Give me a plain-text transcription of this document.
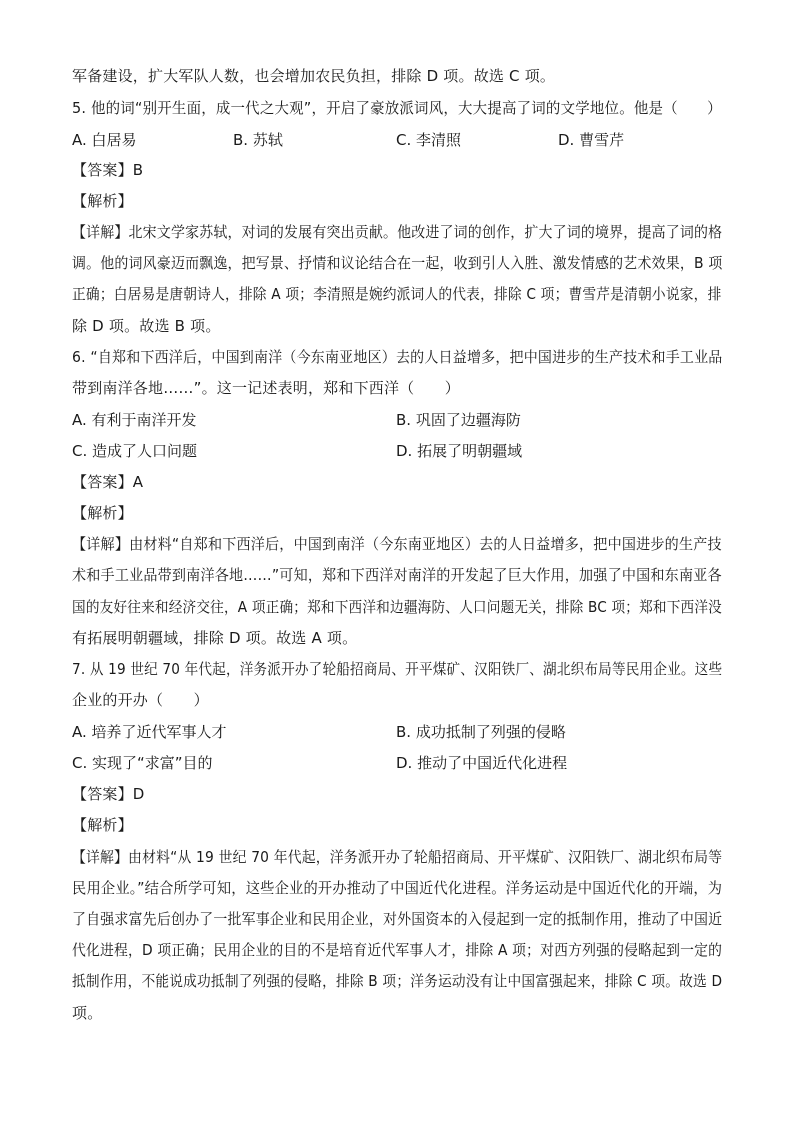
军备建设，扩大军队人数，也会增加农民负担，排除 D 项。故选 C 项。
5. 他的词“别开生面，成一代之大观”，开启了豪放派词风，大大提高了词的文学地位。他是（　　）
A. 白居易	B. 苏轼	C. 李清照	D. 曹雪芹
【答案】B
【解析】
【详解】北宋文学家苏轼，对词的发展有突出贡献。他改进了词的创作，扩大了词的境界，提高了词的格
调。他的词风豪迈而飘逸，把写景、抒情和议论结合在一起，收到引人入胜、激发情感的艺术效果，B 项
正确；白居易是唐朝诗人，排除 A 项；李清照是婉约派词人的代表，排除 C 项；曹雪芹是清朝小说家，排
除 D 项。故选 B 项。
6. “自郑和下西洋后，中国到南洋（今东南亚地区）去的人日益增多，把中国进步的生产技术和手工业品
带到南洋各地……”。这一记述表明，郑和下西洋（　　）
A. 有利于南洋开发	B. 巩固了边疆海防
C. 造成了人口问题	D. 拓展了明朝疆域
【答案】A
【解析】
【详解】由材料“自郑和下西洋后，中国到南洋（今东南亚地区）去的人日益增多，把中国进步的生产技
术和手工业品带到南洋各地……”可知，郑和下西洋对南洋的开发起了巨大作用，加强了中国和东南亚各
国的友好往来和经济交往，A 项正确；郑和下西洋和边疆海防、人口问题无关，排除 BC 项；郑和下西洋没
有拓展明朝疆域，排除 D 项。故选 A 项。
7. 从 19 世纪 70 年代起，洋务派开办了轮船招商局、开平煤矿、汉阳铁厂、湖北织布局等民用企业。这些
企业的开办（　　）
A. 培养了近代军事人才	B. 成功抵制了列强的侵略
C. 实现了“求富”目的	D. 推动了中国近代化进程
【答案】D
【解析】
【详解】由材料“从 19 世纪 70 年代起，洋务派开办了轮船招商局、开平煤矿、汉阳铁厂、湖北织布局等
民用企业。”结合所学可知，这些企业的开办推动了中国近代化进程。洋务运动是中国近代化的开端，为
了自强求富先后创办了一批军事企业和民用企业，对外国资本的入侵起到一定的抵制作用，推动了中国近
代化进程，D 项正确；民用企业的目的不是培育近代军事人才，排除 A 项；对西方列强的侵略起到一定的
抵制作用，不能说成功抵制了列强的侵略，排除 B 项；洋务运动没有让中国富强起来，排除 C 项。故选 D
项。
